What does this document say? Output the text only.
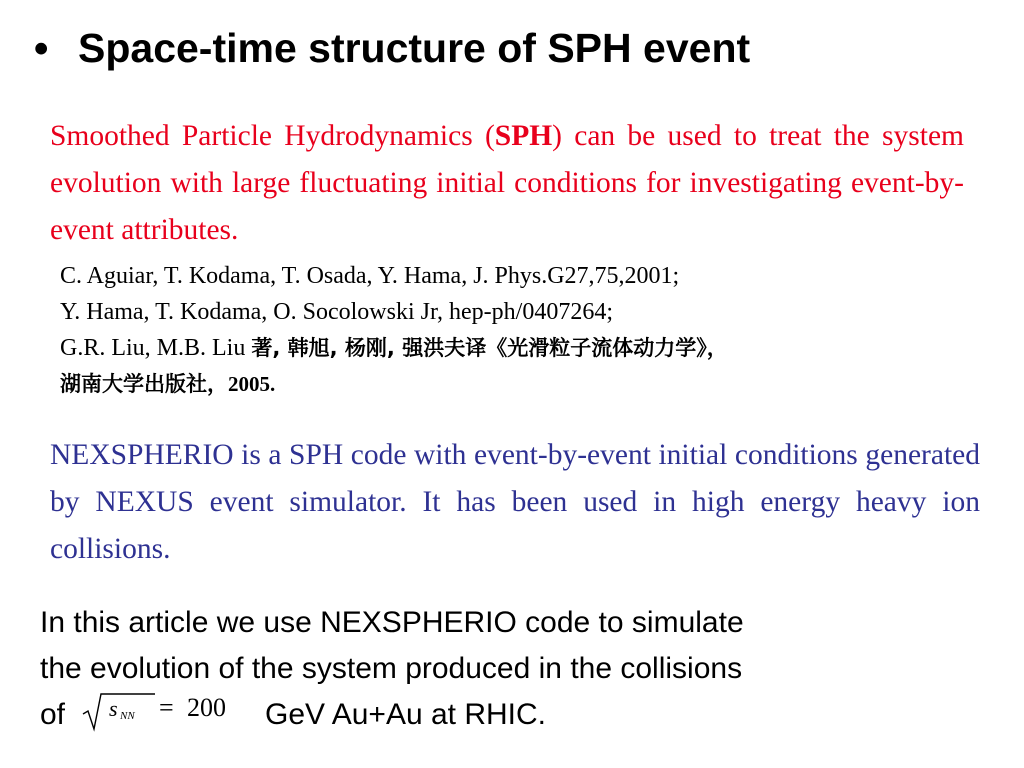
• Space-time structure of SPH event

Smoothed Particle Hydrodynamics (SPH) can be used to treat the system evolution with large fluctuating initial conditions for investigating event-by-event attributes.

C. Aguiar, T. Kodama, T. Osada, Y. Hama, J. Phys.G27,75,2001;
Y. Hama, T. Kodama, O. Socolowski Jr, hep-ph/0407264;
G.R. Liu, M.B. Liu 著, 韩旭, 杨刚, 强洪夫译《光滑粒子流体动力学》，
湖南大学出版社，2005.

NEXSPHERIO is a SPH code with event-by-event initial conditions generated by NEXUS event simulator. It has been used in high energy heavy ion collisions.

In this article we use NEXSPHERIO code to simulate
the evolution of the system produced in the collisions
of s NN = 200 GeV Au+Au at RHIC.
